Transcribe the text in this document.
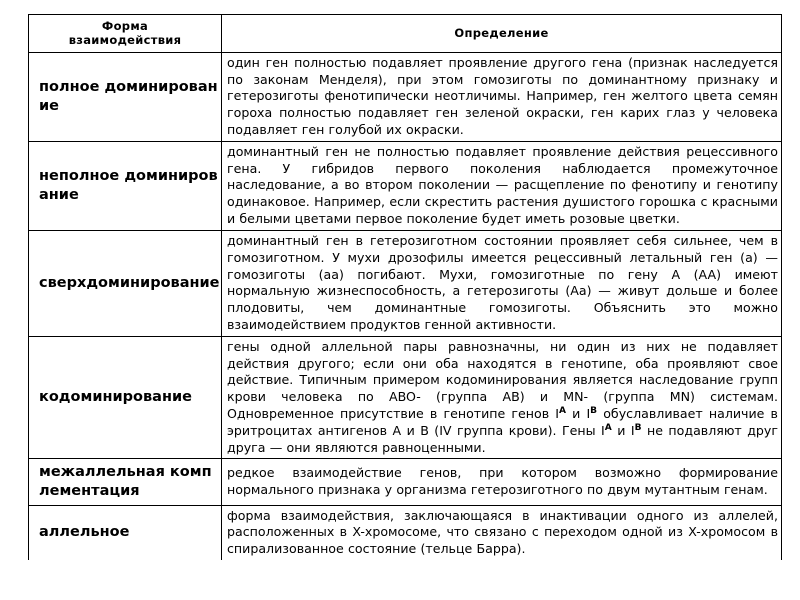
Форма
взаимодействия	Определение

полное доминирование	один ген полностью подавляет проявление другого гена (признак наследуется по законам Менделя), при этом гомозиготы по доминантному признаку и гетерозиготы фенотипически неотличимы. Например, ген желтого цвета семян гороха полностью подавляет ген зеленой окраски, ген карих глаз у человека подавляет ген голубой их окраски.

неполное доминирование	доминантный ген не полностью подавляет проявление действия рецессивного гена. У гибридов первого поколения наблюдается промежуточное наследование, а во втором поколении — расщепление по фенотипу и генотипу одинаковое. Например, если скрестить растения душистого горошка с красными и белыми цветами первое поколение будет иметь розовые цветки.

сверхдоминирование	доминантный ген в гетерозиготном состоянии проявляет себя сильнее, чем в гомозиготном. У мухи дрозофилы имеется рецессивный летальный ген (a) — гомозиготы (aa) погибают. Мухи, гомозиготные по гену A (AA) имеют нормальную жизнеспособность, а гетерозиготы (Aa) — живут дольше и более плодовиты, чем доминантные гомозиготы. Объяснить это можно взаимодействием продуктов генной активности.

кодоминирование	гены одной аллельной пары равнозначны, ни один из них не подавляет действия другого; если они оба находятся в генотипе, оба проявляют свое действие. Типичным примером кодоминирования является наследование групп крови человека по ABO- (группа AB) и MN- (группа MN) системам. Одновременное присутствие в генотипе генов $I^A$ и $I^B$ обуславливает наличие в эритроцитах антигенов A и B (IV группа крови). Гены $I^A$ и $I^B$ не подавляют друг друга — они являются равноценными.

межаллельная комплементация	редкое взаимодействие генов, при котором возможно формирование нормального признака у организма гетерозиготного по двум мутантным генам.

аллельное	форма взаимодействия, заключающаяся в инактивации одного из аллелей, расположенных в X-хромосоме, что связано с переходом одной из X-хромосом в спирализованное состояние (тельце Барра).
